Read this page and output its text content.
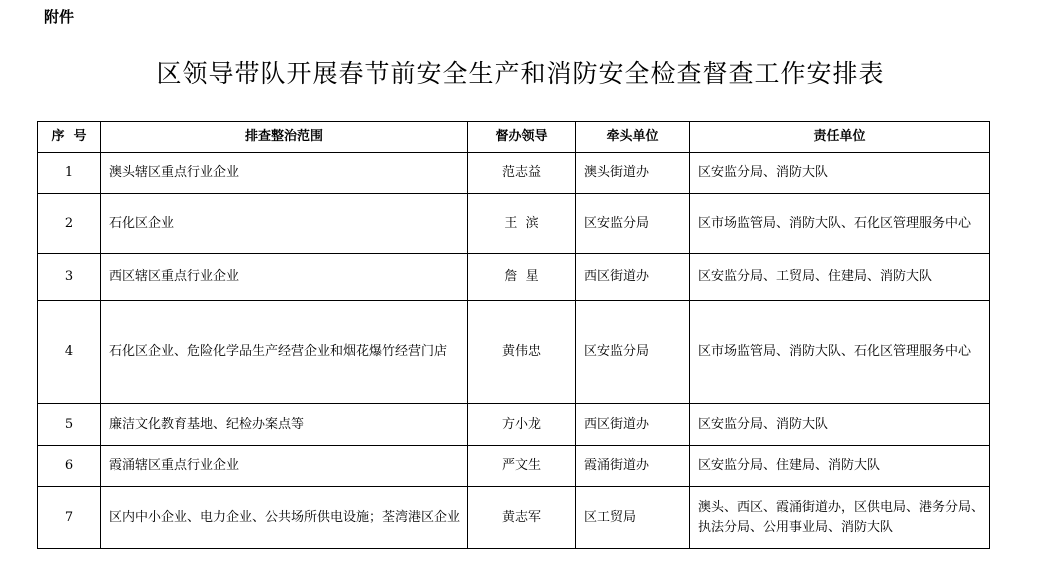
附件
区领导带队开展春节前安全生产和消防安全检查督查工作安排表
序  号	排查整治范围	督办领导	牵头单位	责任单位
1	澳头辖区重点行业企业	范志益	澳头街道办	区安监分局、消防大队
2	石化区企业	王  滨	区安监分局	区市场监管局、消防大队、石化区管理服务中心
3	西区辖区重点行业企业	詹  星	西区街道办	区安监分局、工贸局、住建局、消防大队
4	石化区企业、危险化学品生产经营企业和烟花爆竹经营门店	黄伟忠	区安监分局	区市场监管局、消防大队、石化区管理服务中心
5	廉洁文化教育基地、纪检办案点等	方小龙	西区街道办	区安监分局、消防大队
6	霞涌辖区重点行业企业	严文生	霞涌街道办	区安监分局、住建局、消防大队
7	区内中小企业、电力企业、公共场所供电设施；荃湾港区企业	黄志军	区工贸局	澳头、西区、霞涌街道办，区供电局、港务分局、执法分局、公用事业局、消防大队
